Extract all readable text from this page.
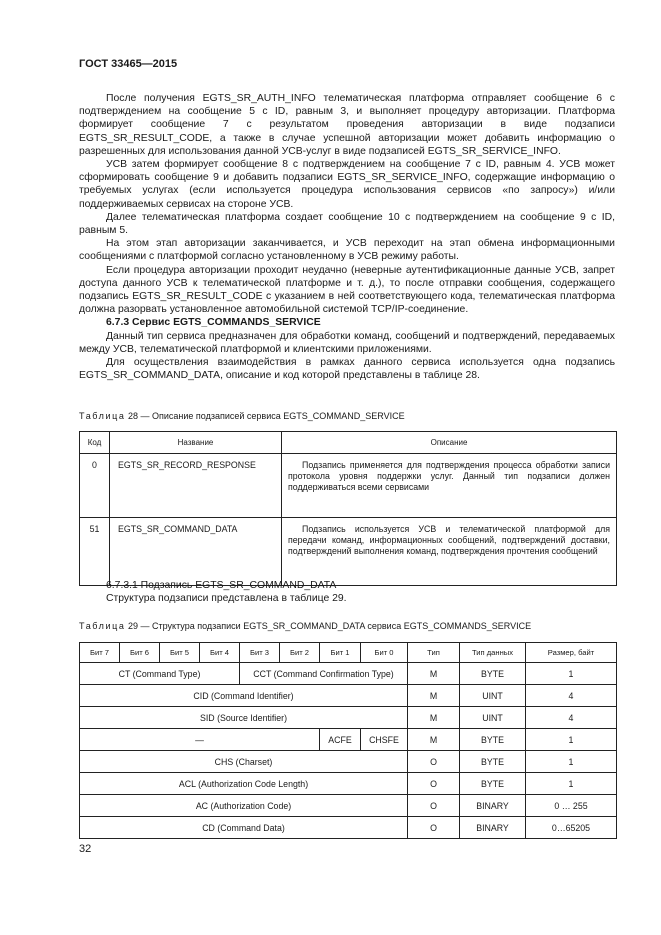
ГОСТ 33465—2015

После получения EGTS_SR_AUTH_INFO телематическая платформа отправляет сообщение 6 с подтверждением на сообщение 5 с ID, равным 3, и выполняет процедуру авторизации. Платформа формирует сообщение 7 с результатом проведения авторизации в виде подзаписи EGTS_SR_RESULT_CODE, а также в случае успешной авторизации может добавить информацию о разрешенных для использования данной УСВ-услуг в виде подзаписей EGTS_SR_SERVICE_INFO.

УСВ затем формирует сообщение 8 с подтверждением на сообщение 7 с ID, равным 4. УСВ может сформировать сообщение 9 и добавить подзаписи EGTS_SR_SERVICE_INFO, содержащие информацию о требуемых услугах (если используется процедура использования сервисов «по запросу») и/или поддерживаемых сервисах на стороне УСВ.

Далее телематическая платформа создает сообщение 10 с подтверждением на сообщение 9 с ID, равным 5.

На этом этап авторизации заканчивается, и УСВ переходит на этап обмена информационными сообщениями с платформой согласно установленному в УСВ режиму работы.

Если процедура авторизации проходит неудачно (неверные аутентификационные данные УСВ, запрет доступа данного УСВ к телематической платформе и т. д.), то после отправки сообщения, содержащего подзапись EGTS_SR_RESULT_CODE с указанием в ней соответствующего кода, телематическая платформа должна разорвать установленное автомобильной системой TCP/IP-соединение.

6.7.3 Сервис EGTS_COMMANDS_SERVICE

Данный тип сервиса предназначен для обработки команд, сообщений и подтверждений, передаваемых между УСВ, телематической платформой и клиентскими приложениями.

Для осуществления взаимодействия в рамках данного сервиса используется одна подзапись EGTS_SR_COMMAND_DATA, описание и код которой представлены в таблице 28.

Таблица 28 — Описание подзаписей сервиса EGTS_COMMAND_SERVICE
Код	Название	Описание
0	EGTS_SR_RECORD_RESPONSE	Подзапись применяется для подтверждения процесса обработки записи протокола уровня поддержки услуг. Данный тип подзаписи должен поддерживаться всеми сервисами
51	EGTS_SR_COMMAND_DATA	Подзапись используется УСВ и телематической платформой для передачи команд, информационных сообщений, подтверждений доставки, подтверждений выполнения команд, подтверждения прочтения сообщений

6.7.3.1 Подзапись EGTS_SR_COMMAND_DATA

Структура подзаписи представлена в таблице 29.

Таблица 29 — Структура подзаписи EGTS_SR_COMMAND_DATA сервиса EGTS_COMMANDS_SERVICE
Бит 7	Бит 6	Бит 5	Бит 4	Бит 3	Бит 2	Бит 1	Бит 0	Тип	Тип данных	Размер, байт
CT (Command Type)				CCT (Command Confirmation Type)				M	BYTE	1
CID (Command Identifier)								M	UINT	4
SID (Source Identifier)								M	UINT	4
—						ACFE	CHSFE	M	BYTE	1
CHS (Charset)								O	BYTE	1
ACL (Authorization Code Length)								O	BYTE	1
AC (Authorization Code)								O	BINARY	0 … 255
CD (Command Data)								O	BINARY	0…65205
32
